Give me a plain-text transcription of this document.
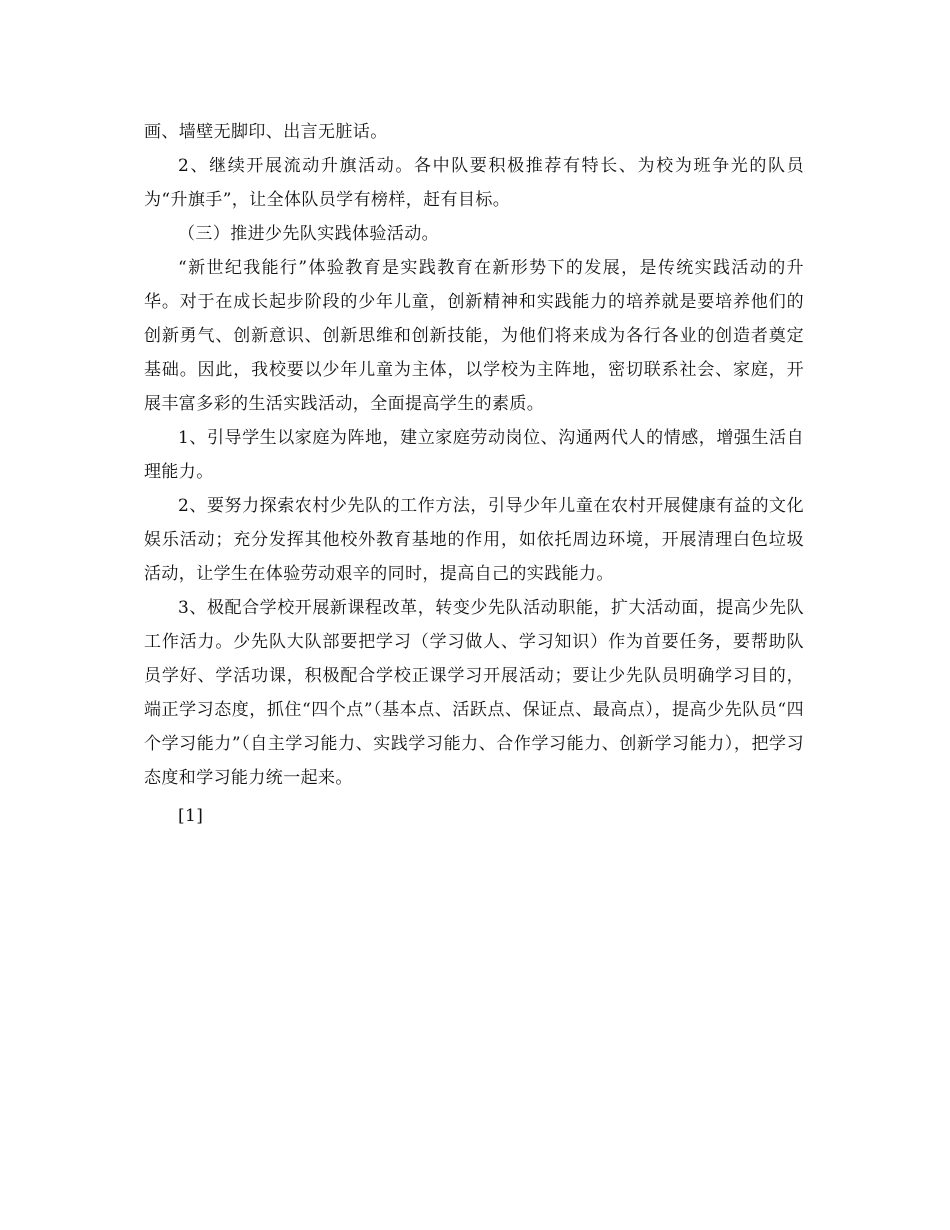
画、墙壁无脚印、出言无脏话。

2、继续开展流动升旗活动。各中队要积极推荐有特长、为校为班争光的队员为“升旗手”，让全体队员学有榜样，赶有目标。

（三）推进少先队实践体验活动。

“新世纪我能行”体验教育是实践教育在新形势下的发展，是传统实践活动的升华。对于在成长起步阶段的少年儿童，创新精神和实践能力的培养就是要培养他们的创新勇气、创新意识、创新思维和创新技能，为他们将来成为各行各业的创造者奠定基础。因此，我校要以少年儿童为主体，以学校为主阵地，密切联系社会、家庭，开展丰富多彩的生活实践活动，全面提高学生的素质。

1、引导学生以家庭为阵地，建立家庭劳动岗位、沟通两代人的情感，增强生活自理能力。

2、要努力探索农村少先队的工作方法，引导少年儿童在农村开展健康有益的文化娱乐活动；充分发挥其他校外教育基地的作用，如依托周边环境，开展清理白色垃圾活动，让学生在体验劳动艰辛的同时，提高自己的实践能力。

3、极配合学校开展新课程改革，转变少先队活动职能，扩大活动面，提高少先队工作活力。少先队大队部要把学习（学习做人、学习知识）作为首要任务，要帮助队员学好、学活功课，积极配合学校正课学习开展活动；要让少先队员明确学习目的，端正学习态度，抓住“四个点”（基本点、活跃点、保证点、最高点），提高少先队员“四个学习能力”（自主学习能力、实践学习能力、合作学习能力、创新学习能力），把学习态度和学习能力统一起来。

[1]
